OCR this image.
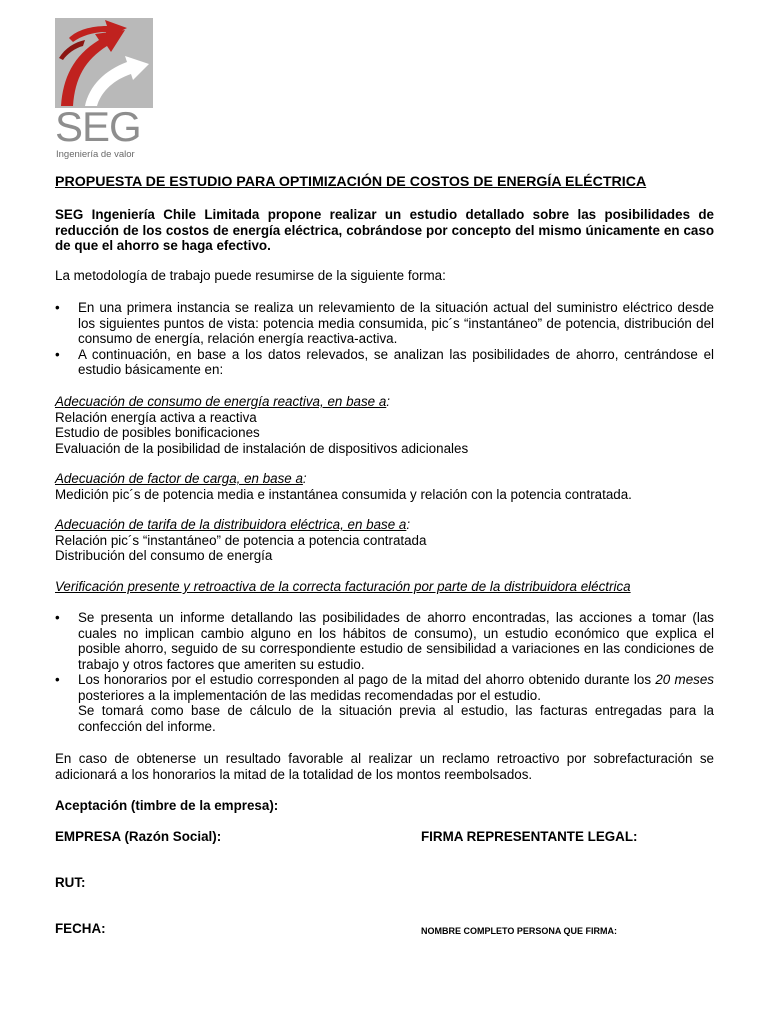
SEG
Ingeniería de valor

PROPUESTA DE ESTUDIO PARA OPTIMIZACIÓN DE COSTOS DE ENERGÍA ELÉCTRICA

SEG Ingeniería Chile Limitada propone realizar un estudio detallado sobre las posibilidades de reducción de los costos de energía eléctrica, cobrándose por concepto del mismo únicamente en caso de que el ahorro se haga efectivo.

La metodología de trabajo puede resumirse de la siguiente forma:

• En una primera instancia se realiza un relevamiento de la situación actual del suministro eléctrico desde los siguientes puntos de vista: potencia media consumida, pic´s “instantáneo” de potencia, distribución del consumo de energía, relación energía reactiva-activa.

• A continuación, en base a los datos relevados, se analizan las posibilidades de ahorro, centrándose el estudio básicamente en:

Adecuación de consumo de energía reactiva, en base a:
Relación energía activa a reactiva
Estudio de posibles bonificaciones
Evaluación de la posibilidad de instalación de dispositivos adicionales
Adecuación de factor de carga, en base a:
Medición pic´s de potencia media e instantánea consumida y relación con la potencia contratada.
Adecuación de tarifa de la distribuidora eléctrica, en base a:
Relación pic´s “instantáneo” de potencia a potencia contratada
Distribución del consumo de energía

Verificación presente y retroactiva de la correcta facturación por parte de la distribuidora eléctrica

• Se presenta un informe detallando las posibilidades de ahorro encontradas, las acciones a tomar (las cuales no implican cambio alguno en los hábitos de consumo), un estudio económico que explica el posible ahorro, seguido de su correspondiente estudio de sensibilidad a variaciones en las condiciones de trabajo y otros factores que ameriten su estudio.

• Los honorarios por el estudio corresponden al pago de la mitad del ahorro obtenido durante los 20 meses posteriores a la implementación de las medidas recomendadas por el estudio.

Se tomará como base de cálculo de la situación previa al estudio, las facturas entregadas para la confección del informe.

En caso de obtenerse un resultado favorable al realizar un reclamo retroactivo por sobrefacturación se adicionará a los honorarios la mitad de la totalidad de los montos reembolsados.

Aceptación (timbre de la empresa):

EMPRESA (Razón Social):	FIRMA REPRESENTANTE LEGAL:

RUT:

FECHA:	NOMBRE COMPLETO PERSONA QUE FIRMA:
